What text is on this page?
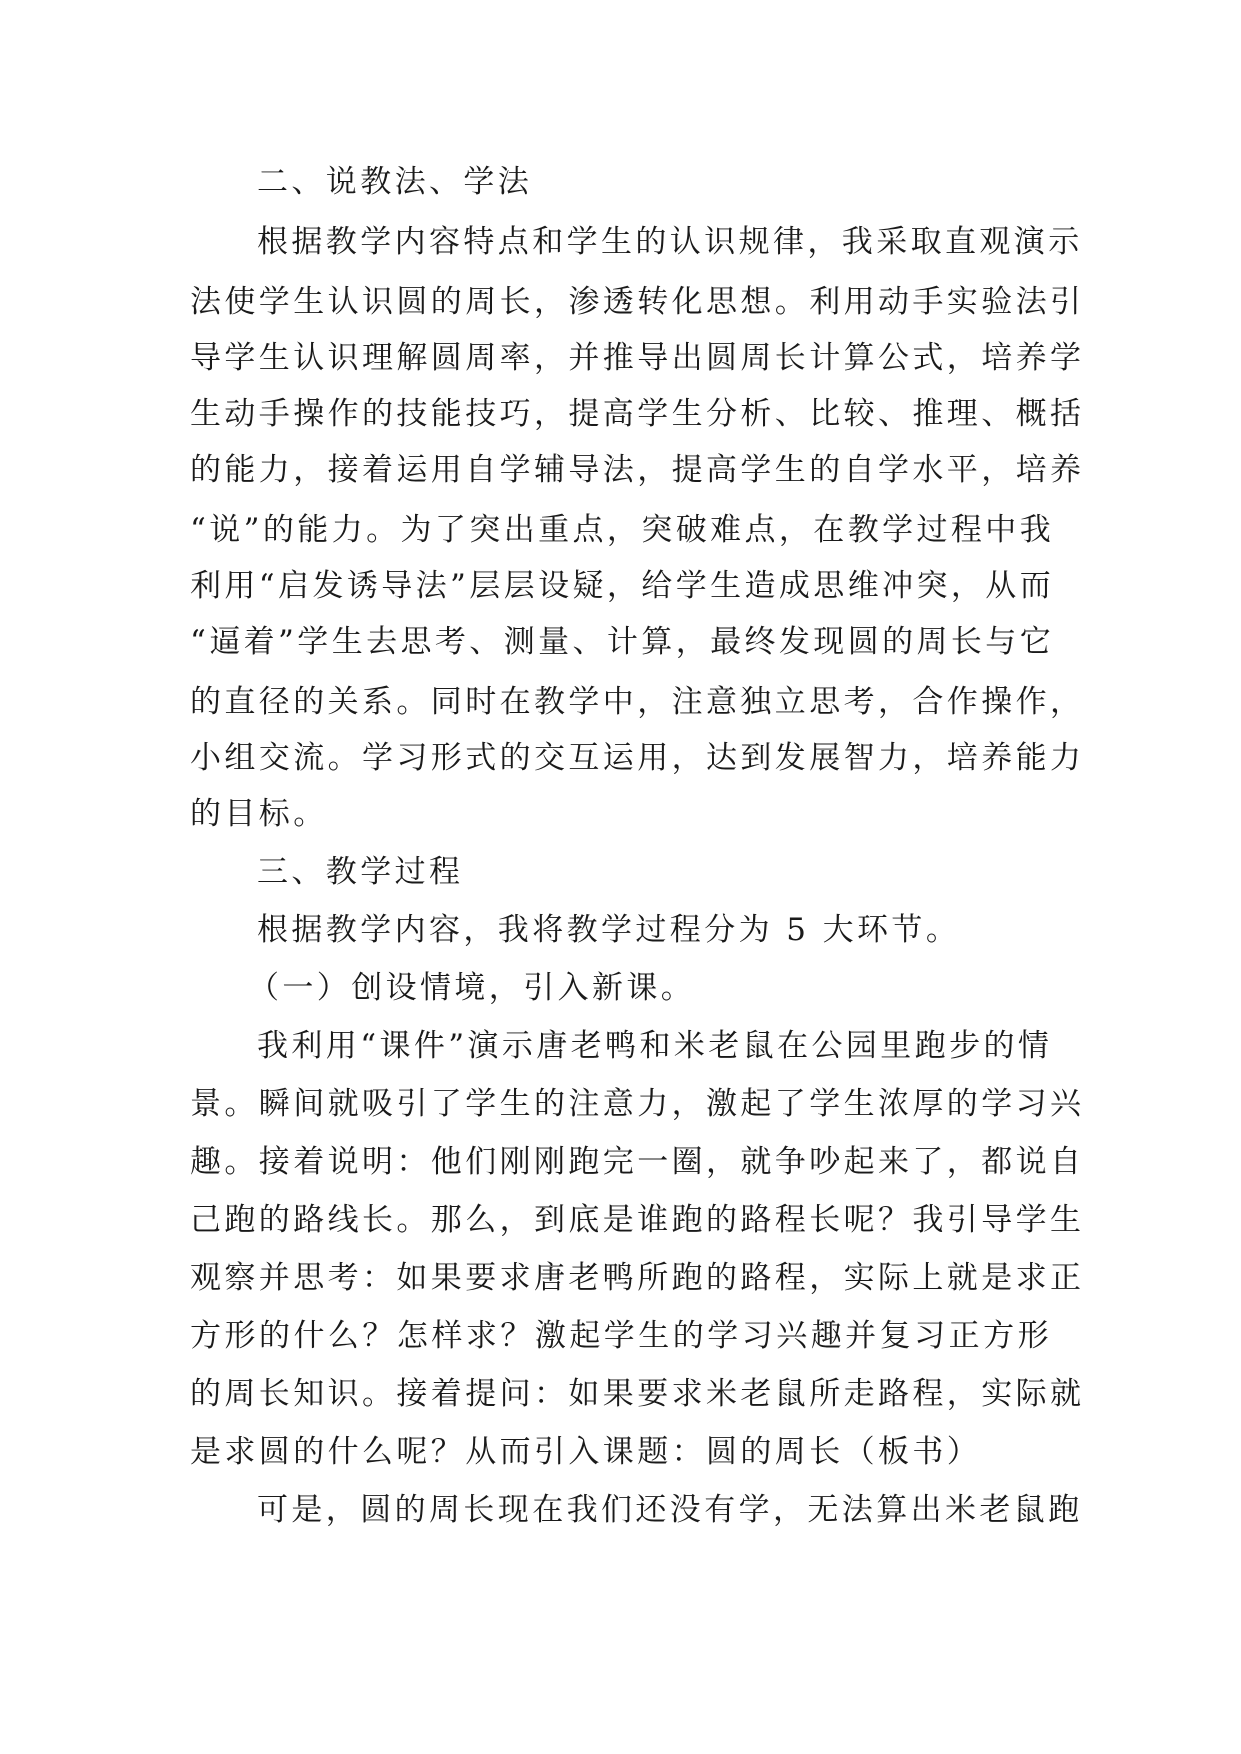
二、说教法、学法

根据教学内容特点和学生的认识规律，我采取直观演示

法使学生认识圆的周长，渗透转化思想。利用动手实验法引

导学生认识理解圆周率，并推导出圆周长计算公式，培养学

生动手操作的技能技巧，提高学生分析、比较、推理、概括

的能力，接着运用自学辅导法，提高学生的自学水平，培养

“说”的能力。为了突出重点，突破难点，在教学过程中我

利用“启发诱导法”层层设疑，给学生造成思维冲突，从而

“逼着”学生去思考、测量、计算，最终发现圆的周长与它

的直径的关系。同时在教学中，注意独立思考，合作操作，

小组交流。学习形式的交互运用，达到发展智力，培养能力

的目标。

三、教学过程

根据教学内容，我将教学过程分为 5 大环节。

（一）创设情境，引入新课。

我利用“课件”演示唐老鸭和米老鼠在公园里跑步的情

景。瞬间就吸引了学生的注意力，激起了学生浓厚的学习兴

趣。接着说明：他们刚刚跑完一圈，就争吵起来了，都说自

己跑的路线长。那么，到底是谁跑的路程长呢？我引导学生

观察并思考：如果要求唐老鸭所跑的路程，实际上就是求正

方形的什么？怎样求？激起学生的学习兴趣并复习正方形

的周长知识。接着提问：如果要求米老鼠所走路程，实际就

是求圆的什么呢？从而引入课题：圆的周长（板书）

可是，圆的周长现在我们还没有学，无法算出米老鼠跑
